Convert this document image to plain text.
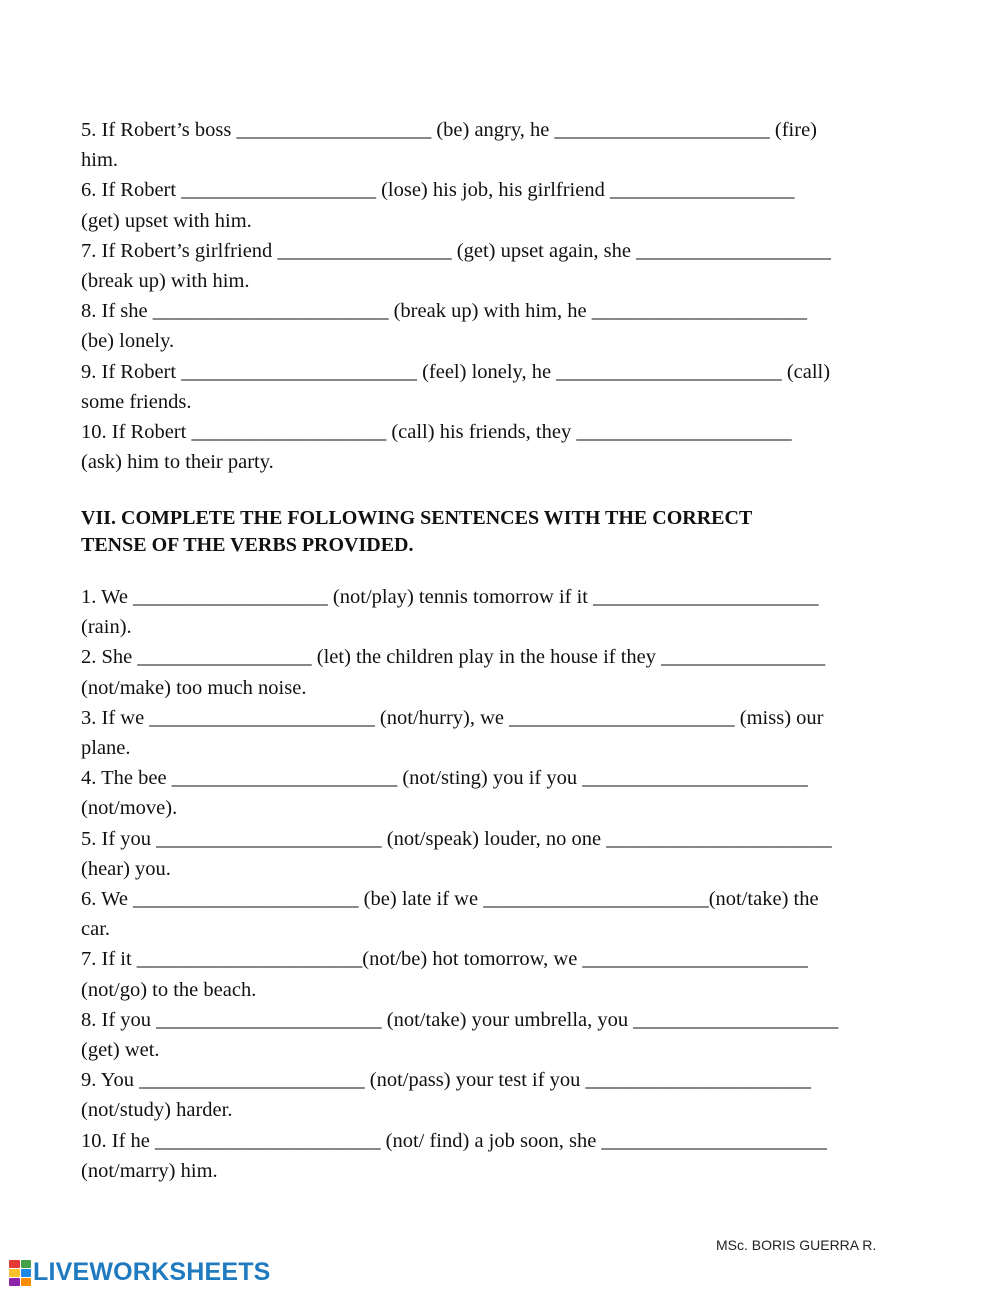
5. If Robert’s boss ___________________ (be) angry, he _____________________ (fire)
him.
6. If Robert ___________________ (lose) his job, his girlfriend __________________
(get) upset with him.
7. If Robert’s girlfriend _________________ (get) upset again, she ___________________
(break up) with him.
8. If she _______________________ (break up) with him, he _____________________
(be) lonely.
9. If Robert _______________________ (feel) lonely, he ______________________ (call)
some friends.
10. If Robert ___________________ (call) his friends, they _____________________
(ask) him to their party.
VII. COMPLETE THE FOLLOWING SENTENCES WITH THE CORRECT
TENSE OF THE VERBS PROVIDED.
1. We ___________________ (not/play) tennis tomorrow if it ______________________
(rain).
2. She _________________ (let) the children play in the house if they ________________
(not/make) too much noise.
3. If we ______________________ (not/hurry), we ______________________ (miss) our
plane.
4. The bee ______________________ (not/sting) you if you ______________________
(not/move).
5. If you ______________________ (not/speak) louder, no one ______________________
(hear) you.
6. We ______________________ (be) late if we ______________________(not/take) the
car.
7. If it ______________________(not/be) hot tomorrow, we ______________________
(not/go) to the beach.
8. If you ______________________ (not/take) your umbrella, you ____________________
(get) wet.
9. You ______________________ (not/pass) your test if you ______________________
(not/study) harder.
10. If he ______________________ (not/ find) a job soon, she ______________________
(not/marry) him.
MSc. BORIS GUERRA R.
LIVEWORKSHEETS
